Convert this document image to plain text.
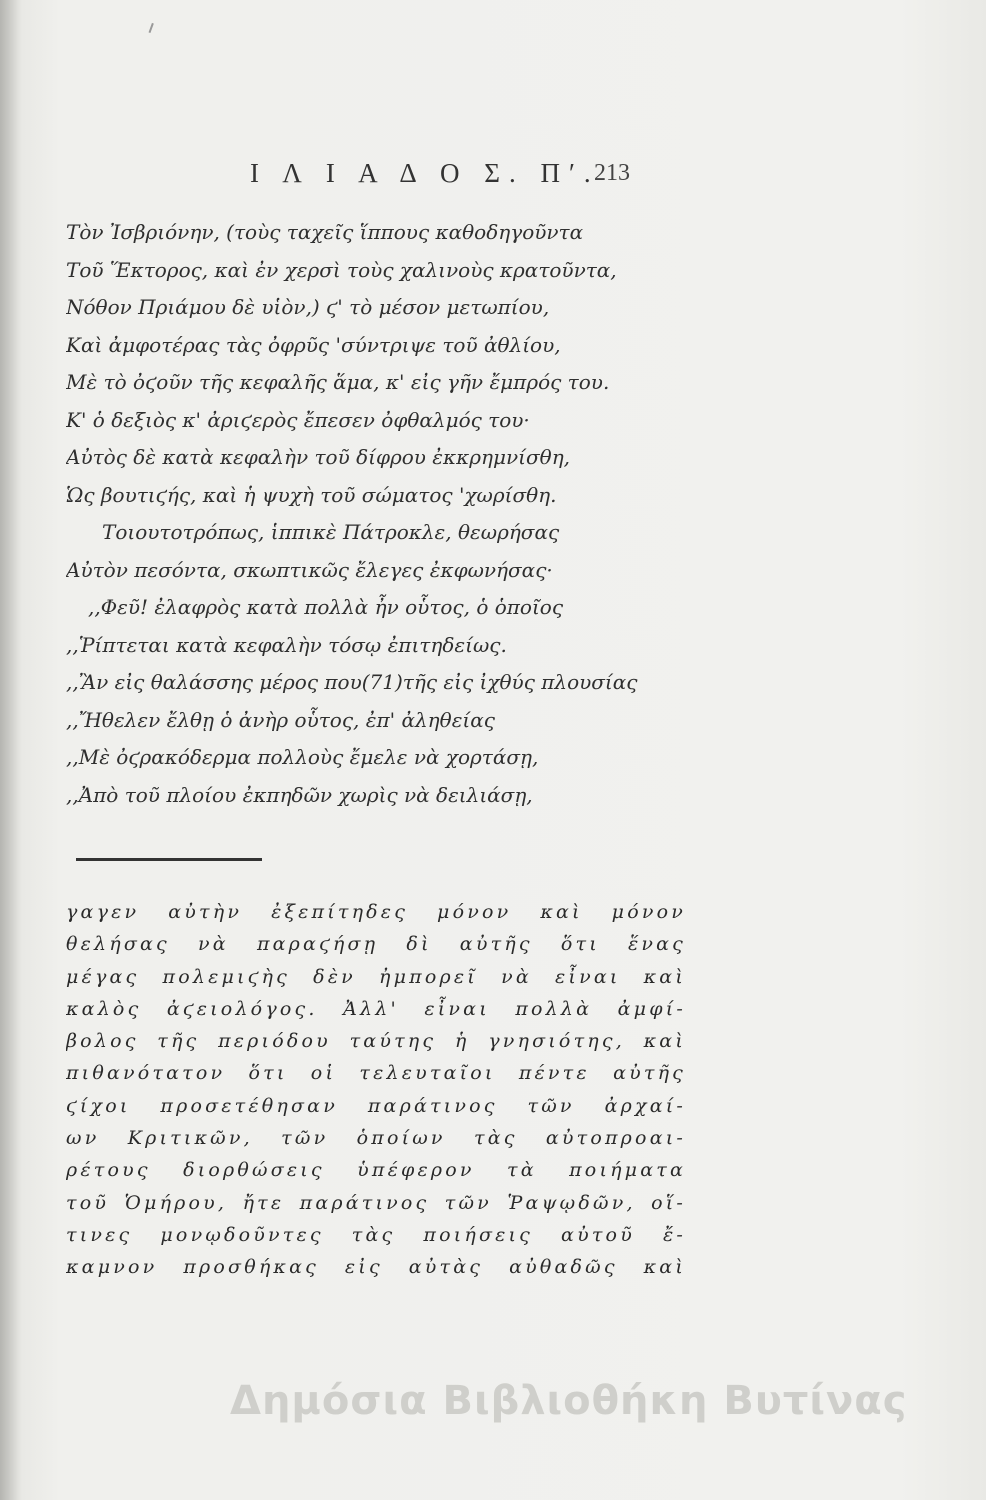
Ι Λ Ι Α Δ Ο Σ. Π′.
213
Τὸν Ἰσβριόνην, (τοὺς ταχεῖς ἵππους καθοδηγοῦντα
Τοῦ Ἕκτορος, καὶ ἐν χερσὶ τοὺς χαλινοὺς κρατοῦντα,
Νόθον Πριάμου δὲ υἱὸν,) ϛ' τὸ μέσον μετωπίου,
Καὶ ἀμφοτέρας τὰς ὀφρῦς 'σύντριψε τοῦ ἀθλίου,
Μὲ τὸ ὀϛοῦν τῆς κεφαλῆς ἅμα, κ' εἰς γῆν ἔμπρός του.
Κ' ὁ δεξιὸς κ' ἀριϛερὸς ἔπεσεν ὀφθαλμός του·
Αὐτὸς δὲ κατὰ κεφαλὴν τοῦ δίφρου ἐκκρημνίσθη,
Ὡς βουτιϛής, καὶ ἡ ψυχὴ τοῦ σώματος 'χωρίσθη.
Τοιουτοτρόπως, ἱππικὲ Πάτροκλε, θεωρήσας
Αὐτὸν πεσόντα, σκωπτικῶς ἔλεγες ἐκφωνήσας·
,,Φεῦ! ἐλαφρὸς κατὰ πολλὰ ἦν οὗτος, ὁ ὁποῖος
,,Ῥίπτεται κατὰ κεφαλὴν τόσῳ ἐπιτηδείως.
,,Ἂν εἰς θαλάσσης μέρος που(71)τῆς εἰς ἰχθύς πλουσίας
,,Ἤθελεν ἔλθῃ ὁ ἀνὴρ οὗτος, ἐπ' ἀληθείας
,,Μὲ ὀϛρακόδερμα πολλοὺς ἔμελε νὰ χορτάσῃ,
,,Ἀπὸ τοῦ πλοίου ἐκπηδῶν χωρὶς νὰ δειλιάσῃ,
γαγεν αὐτὴν ἐξεπίτηδες μόνον καὶ μόνον
θελήσας νὰ παραϛήσῃ δὶ αὐτῆς ὅτι ἕνας
μέγας πολεμιϛὴς δὲν ἠμπορεῖ νὰ εἶναι καὶ
καλὸς ἀϛειολόγος. Ἀλλ' εἶναι πολλὰ ἀμφί-
βολος τῆς περιόδου ταύτης ἡ γνησιότης, καὶ
πιθανότατον ὅτι οἱ τελευταῖοι πέντε αὐτῆς
ϛίχοι προσετέθησαν παράτινος τῶν ἀρχαί-
ων Κριτικῶν, τῶν ὁποίων τὰς αὐτοπροαι-
ρέτους διορθώσεις ὑπέφερον τὰ ποιήματα
τοῦ Ὁμήρου, ἤτε παράτινος τῶν Ῥαψῳδῶν, οἵ-
τινες μονῳδοῦντες τὰς ποιήσεις αὐτοῦ ἔ-
καμνον προσθήκας εἰς αὐτὰς αὐθαδῶς καὶ
Δημόσια Βιβλιοθήκη Βυτίνας
